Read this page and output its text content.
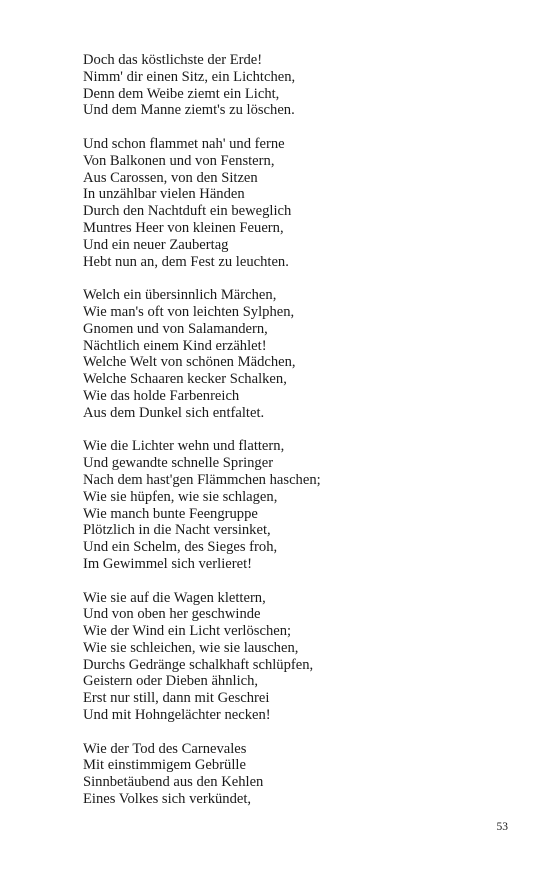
Doch das köstlichste der Erde!
Nimm' dir einen Sitz, ein Lichtchen,
Denn dem Weibe ziemt ein Licht,
Und dem Manne ziemt's zu löschen.
Und schon flammet nah' und ferne
Von Balkonen und von Fenstern,
Aus Carossen, von den Sitzen
In unzählbar vielen Händen
Durch den Nachtduft ein beweglich
Muntres Heer von kleinen Feuern,
Und ein neuer Zaubertag
Hebt nun an, dem Fest zu leuchten.
Welch ein übersinnlich Märchen,
Wie man's oft von leichten Sylphen,
Gnomen und von Salamandern,
Nächtlich einem Kind erzählet!
Welche Welt von schönen Mädchen,
Welche Schaaren kecker Schalken,
Wie das holde Farbenreich
Aus dem Dunkel sich entfaltet.
Wie die Lichter wehn und flattern,
Und gewandte schnelle Springer
Nach dem hast'gen Flämmchen haschen;
Wie sie hüpfen, wie sie schlagen,
Wie manch bunte Feengruppe
Plötzlich in die Nacht versinket,
Und ein Schelm, des Sieges froh,
Im Gewimmel sich verlieret!
Wie sie auf die Wagen klettern,
Und von oben her geschwinde
Wie der Wind ein Licht verlöschen;
Wie sie schleichen, wie sie lauschen,
Durchs Gedränge schalkhaft schlüpfen,
Geistern oder Dieben ähnlich,
Erst nur still, dann mit Geschrei
Und mit Hohngelächter necken!
Wie der Tod des Carnevales
Mit einstimmigem Gebrülle
Sinnbetäubend aus den Kehlen
Eines Volkes sich verkündet,
53
